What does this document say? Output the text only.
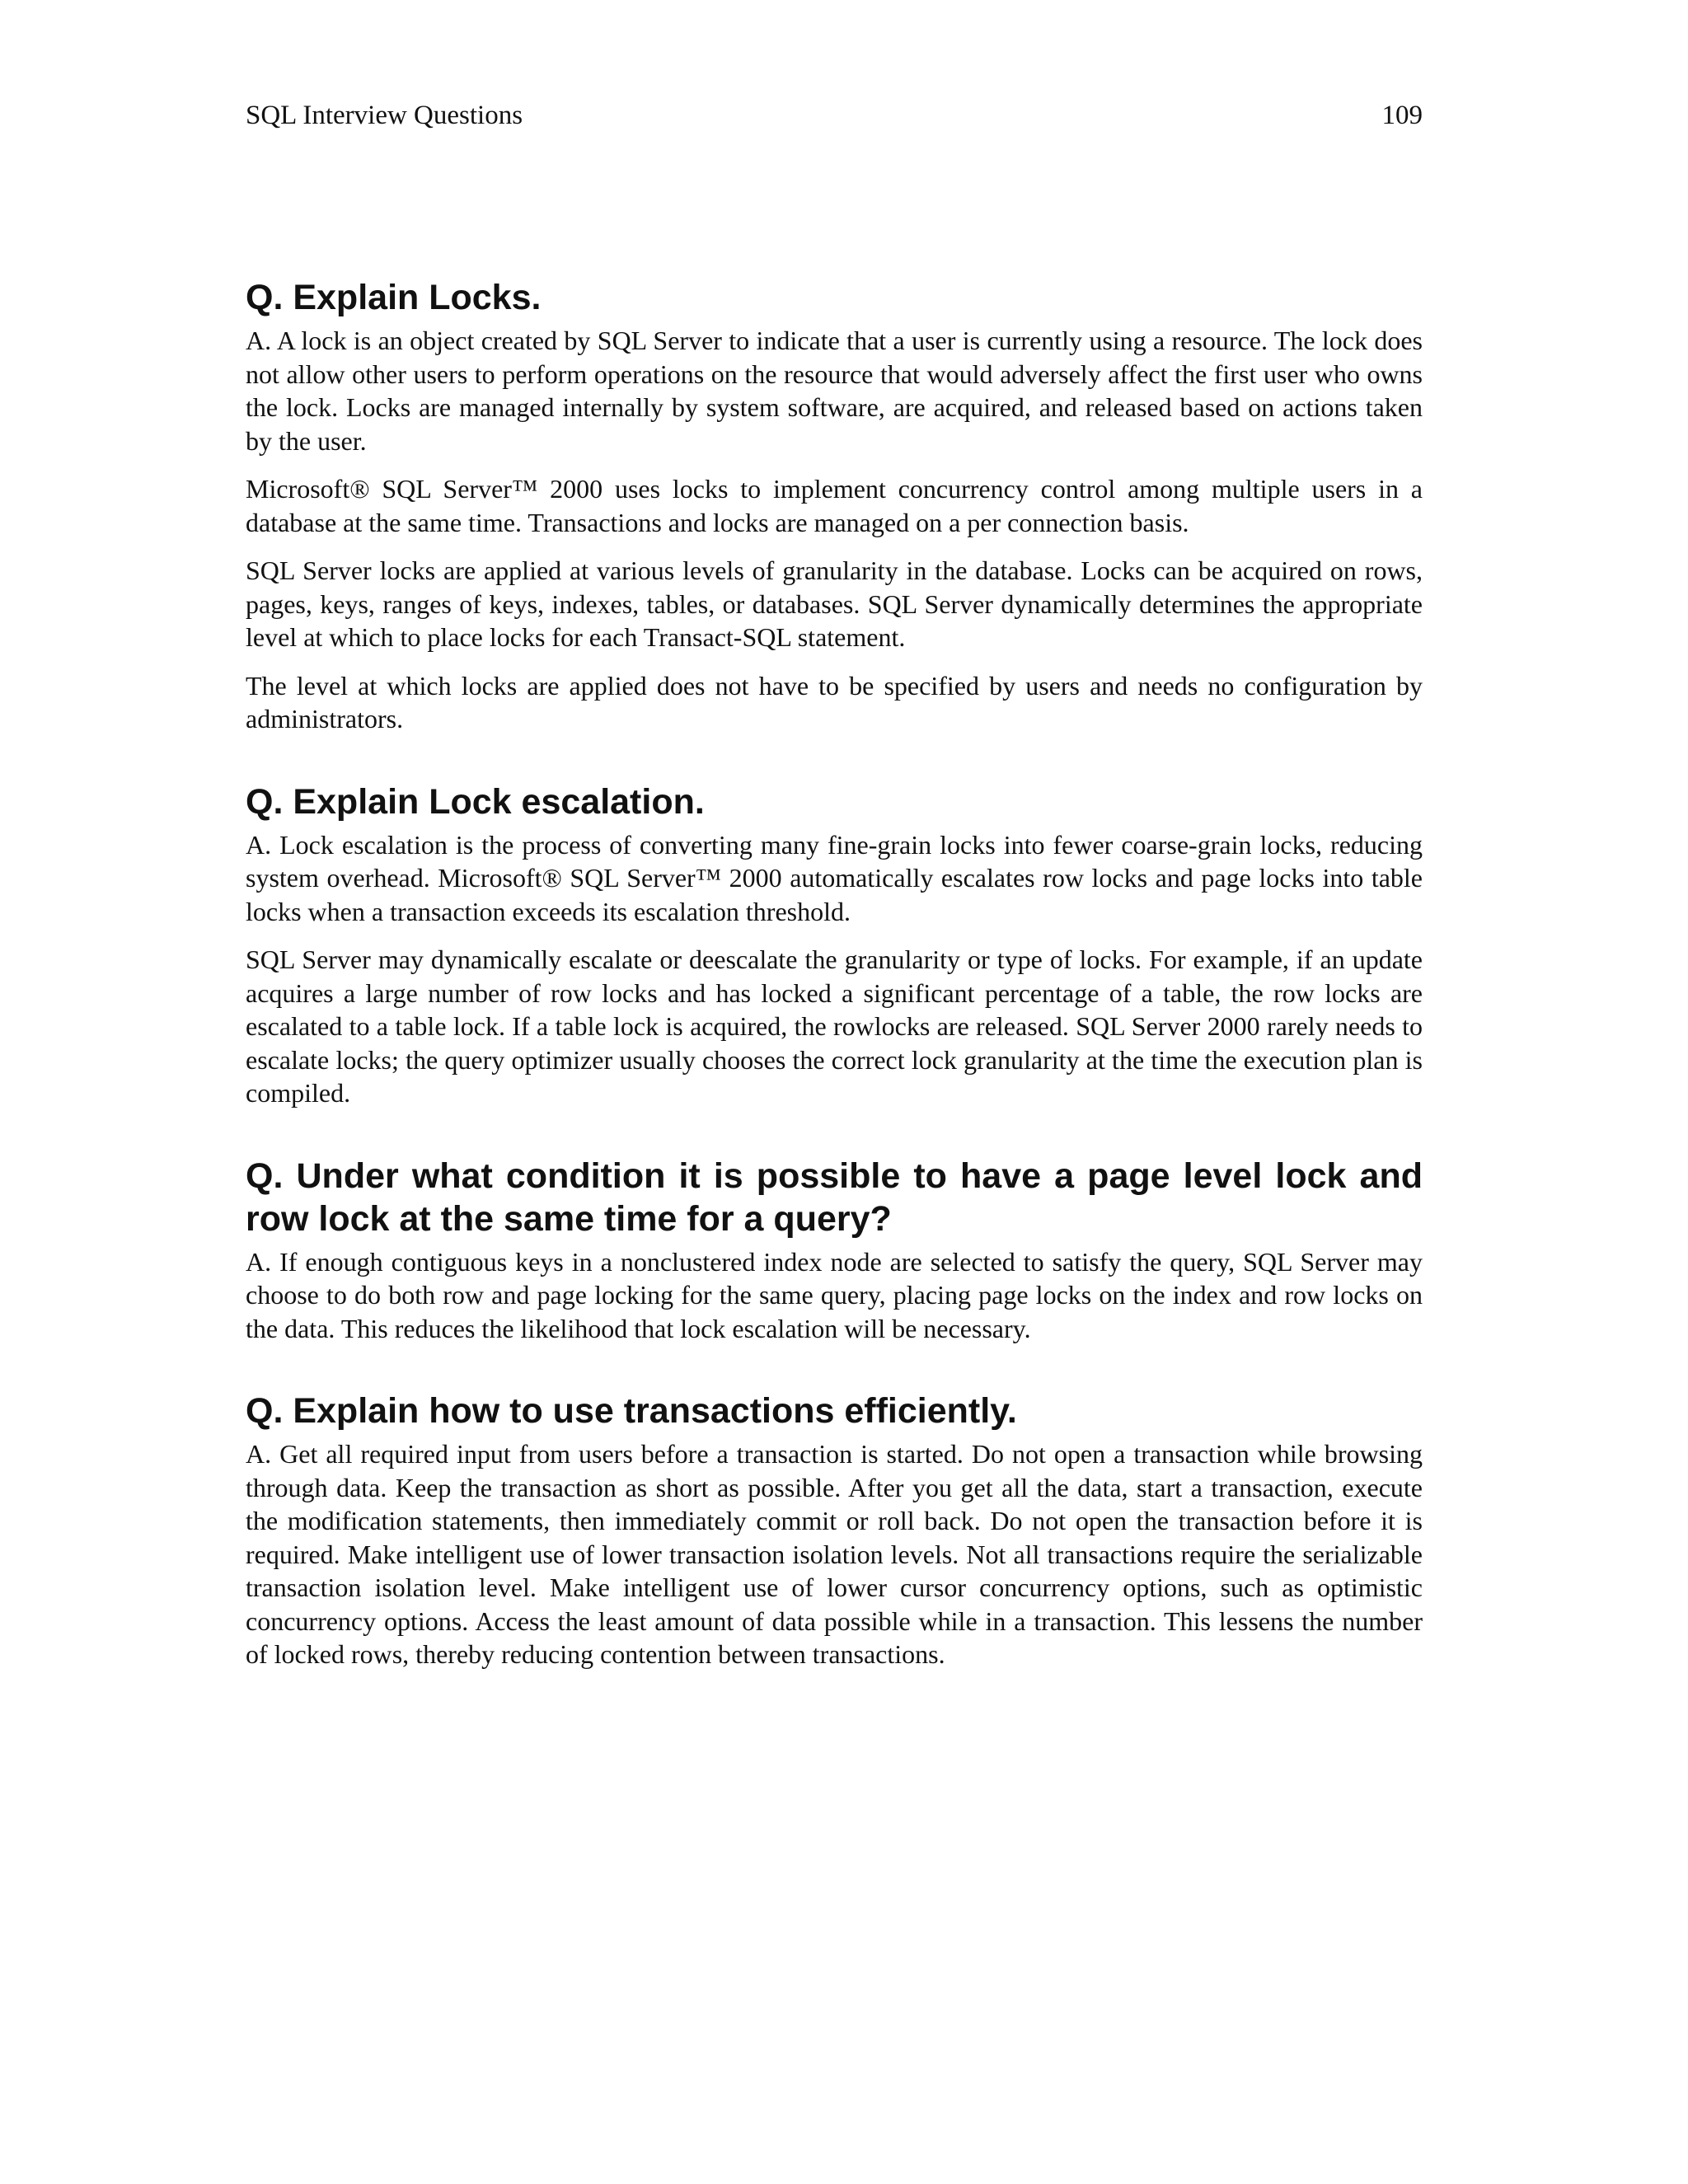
SQL Interview Questions	109
Q. Explain Locks.

A. A lock is an object created by SQL Server to indicate that a user is currently using a resource. The lock does not allow other users to perform operations on the resource that would adversely affect the first user who owns the lock. Locks are managed internally by system software, are acquired, and released based on actions taken by the user.

Microsoft® SQL Server™ 2000 uses locks to implement concurrency control among multiple users in a database at the same time. Transactions and locks are managed on a per connection basis.

SQL Server locks are applied at various levels of granularity in the database. Locks can be acquired on rows, pages, keys, ranges of keys, indexes, tables, or databases. SQL Server dynamically determines the appropriate level at which to place locks for each Transact-SQL statement.

The level at which locks are applied does not have to be specified by users and needs no configuration by administrators.

Q. Explain Lock escalation.

A. Lock escalation is the process of converting many fine-grain locks into fewer coarse-grain locks, reducing system overhead. Microsoft® SQL Server™ 2000 automatically escalates row locks and page locks into table locks when a transaction exceeds its escalation threshold.

SQL Server may dynamically escalate or deescalate the granularity or type of locks. For example, if an update acquires a large number of row locks and has locked a significant percentage of a table, the row locks are escalated to a table lock. If a table lock is acquired, the rowlocks are released. SQL Server 2000 rarely needs to escalate locks; the query optimizer usually chooses the correct lock granularity at the time the execution plan is compiled.

Q. Under what condition it is possible to have a page level lock and row lock at the same time for a query?

A. If enough contiguous keys in a nonclustered index node are selected to satisfy the query, SQL Server may choose to do both row and page locking for the same query, placing page locks on the index and row locks on the data. This reduces the likelihood that lock escalation will be necessary.

Q. Explain how to use transactions efficiently.

A. Get all required input from users before a transaction is started. Do not open a transaction while browsing through data. Keep the transaction as short as possible. After you get all the data, start a transaction, execute the modification statements, then immediately commit or roll back. Do not open the transaction before it is required. Make intelligent use of lower transaction isolation levels. Not all transactions require the serializable transaction isolation level. Make intelligent use of lower cursor concurrency options, such as optimistic concurrency options. Access the least amount of data possible while in a transaction. This lessens the number of locked rows, thereby reducing contention between transactions.
